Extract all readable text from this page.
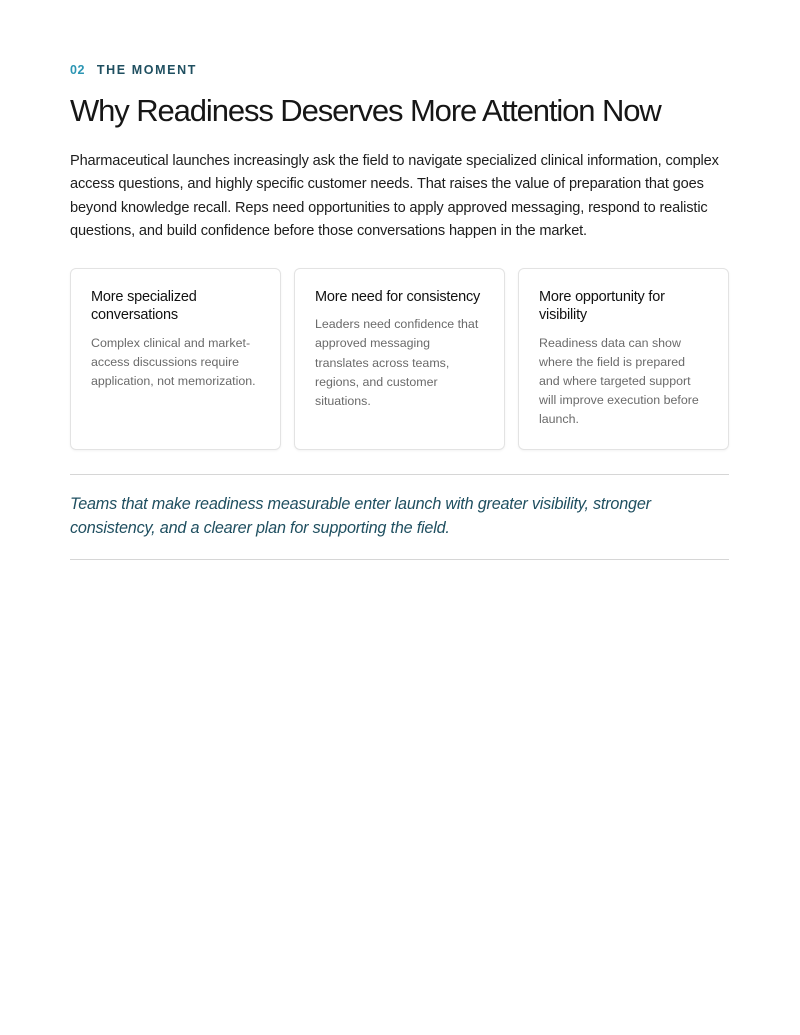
02 THE MOMENT
Why Readiness Deserves More Attention Now

Pharmaceutical launches increasingly ask the field to navigate specialized clinical information, complex access questions, and highly specific customer needs. That raises the value of preparation that goes beyond knowledge recall. Reps need opportunities to apply approved messaging, respond to realistic questions, and build confidence before those conversations happen in the market.

More specialized conversations
Complex clinical and market-access discussions require application, not memorization.
More need for consistency
Leaders need confidence that approved messaging translates across teams, regions, and customer situations.
More opportunity for visibility
Readiness data can show where the field is prepared and where targeted support will improve execution before launch.
Teams that make readiness measurable enter launch with greater visibility, stronger consistency, and a clearer plan for supporting the field.
